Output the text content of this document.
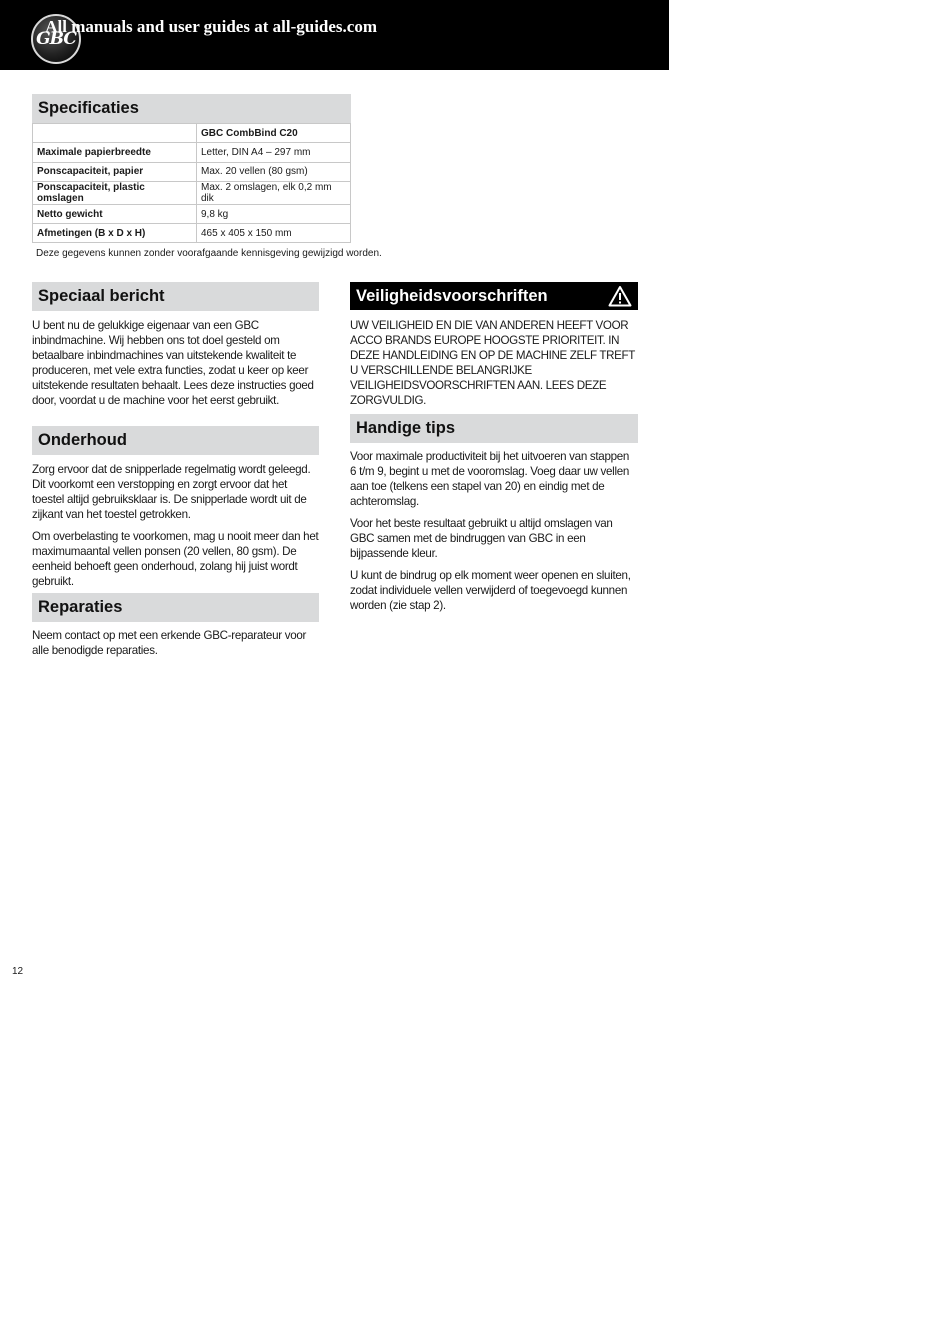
GBC

All manuals and user guides at all-guides.com

Specificaties
	GBC CombBind C20
Maximale papierbreedte	Letter, DIN A4 – 297 mm
Ponscapaciteit, papier	Max. 20 vellen (80 gsm)
Ponscapaciteit, plastic omslagen	Max. 2 omslagen, elk 0,2 mm dik
Netto gewicht	9,8 kg
Afmetingen (B x D x H)	465 x 405 x 150 mm

Deze gegevens kunnen zonder voorafgaande kennisgeving gewijzigd worden.

Speciaal bericht

U bent nu de gelukkige eigenaar van een GBC inbindmachine. Wij hebben ons tot doel gesteld om betaalbare inbindmachines van uitstekende kwaliteit te produceren, met vele extra functies, zodat u keer op keer uitstekende resultaten behaalt. Lees deze instructies goed door, voordat u de machine voor het eerst gebruikt.

Onderhoud

Zorg ervoor dat de snipperlade regelmatig wordt geleegd. Dit voorkomt een verstopping en zorgt ervoor dat het toestel altijd gebruiksklaar is. De snipperlade wordt uit de zijkant van het toestel getrokken.

Om overbelasting te voorkomen, mag u nooit meer dan het maximumaantal vellen ponsen (20 vellen, 80 gsm). De eenheid behoeft geen onderhoud, zolang hij juist wordt gebruikt.

Reparaties

Neem contact op met een erkende GBC-reparateur voor alle benodigde reparaties.

Veiligheidsvoorschriften

UW VEILIGHEID EN DIE VAN ANDEREN HEEFT VOOR ACCO BRANDS EUROPE HOOGSTE PRIORITEIT. IN DEZE HANDLEIDING EN OP DE MACHINE ZELF TREFT U VERSCHILLENDE BELANGRIJKE VEILIGHEIDSVOORSCHRIFTEN AAN. LEES DEZE ZORGVULDIG.

Handige tips

Voor maximale productiviteit bij het uitvoeren van stappen 6 t/m 9, begint u met de vooromslag. Voeg daar uw vellen aan toe (telkens een stapel van 20) en eindig met de achteromslag.

Voor het beste resultaat gebruikt u altijd omslagen van GBC samen met de bindruggen van GBC in een bijpassende kleur.

U kunt de bindrug op elk moment weer openen en sluiten, zodat individuele vellen verwijderd of toegevoegd kunnen worden (zie stap 2).

12
